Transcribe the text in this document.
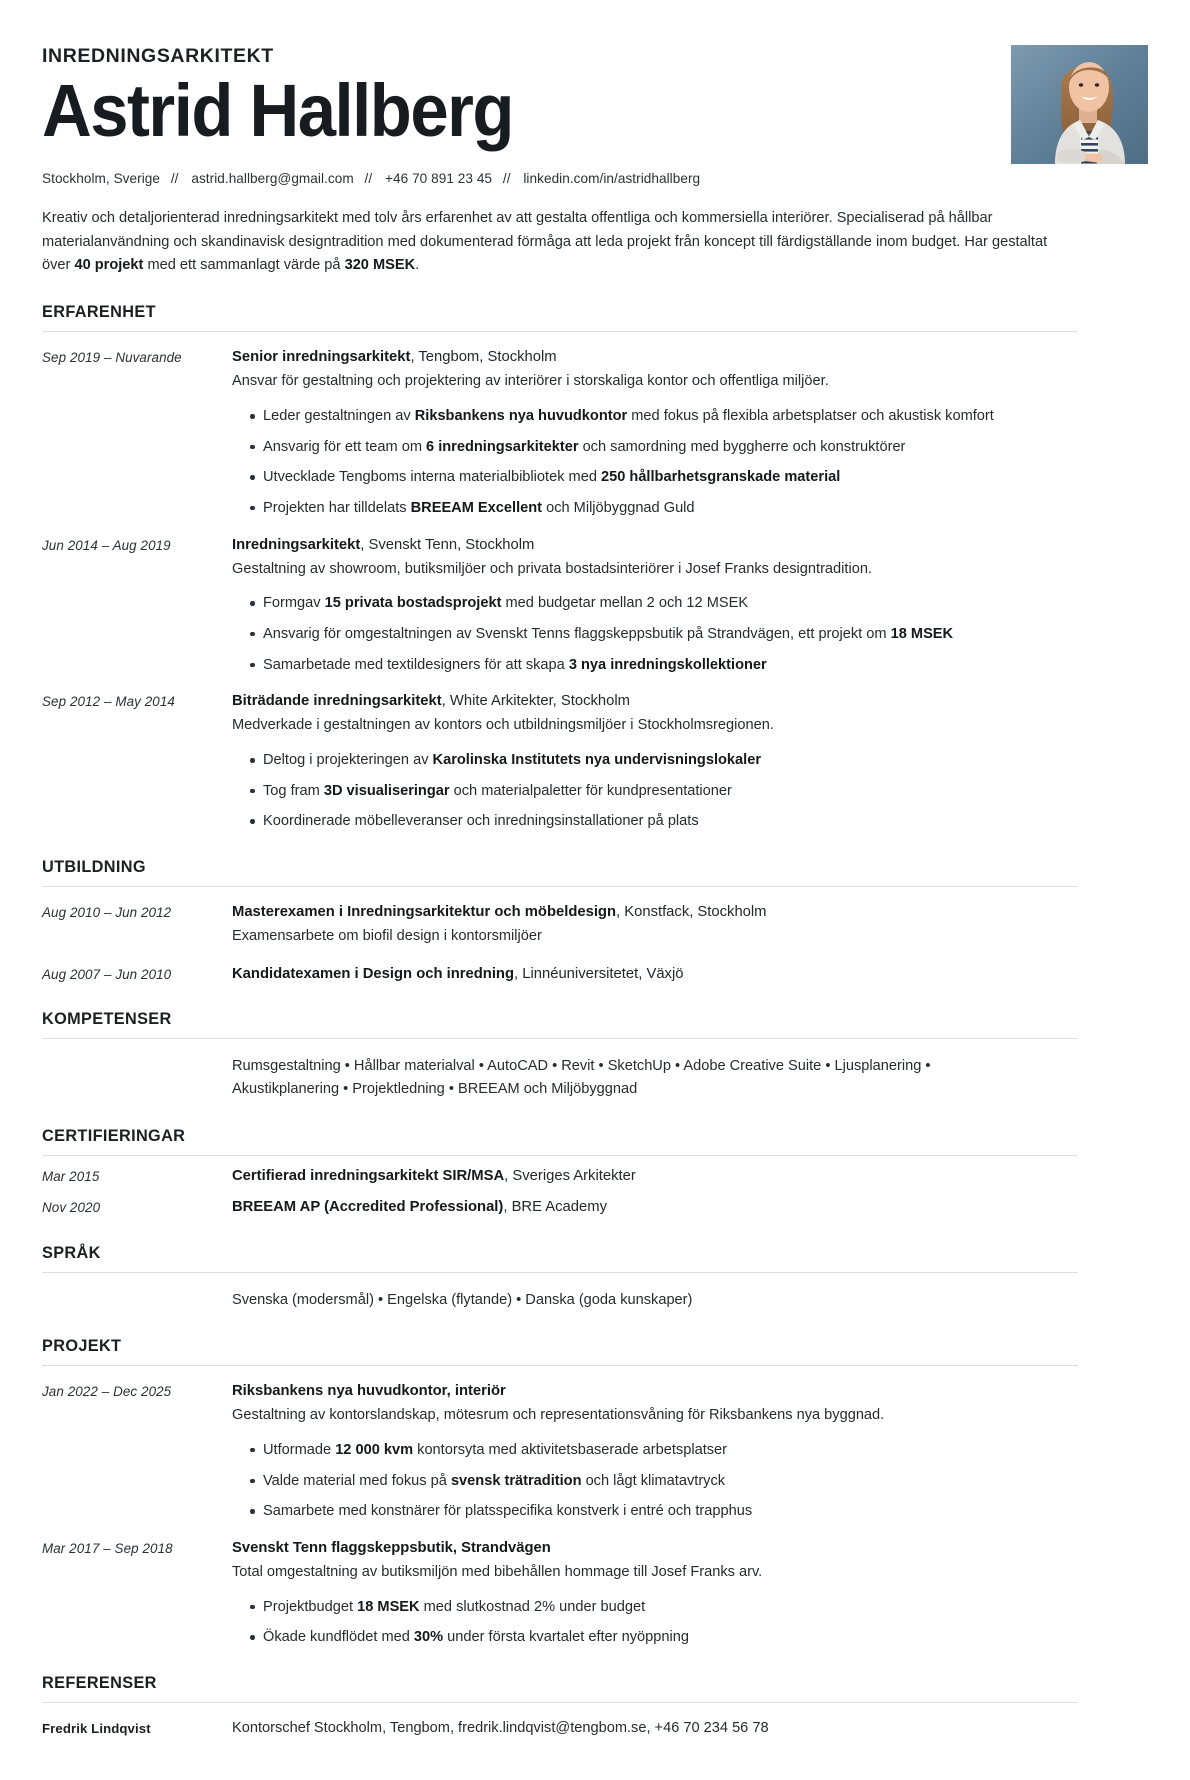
INREDNINGSARKITEKT
Astrid Hallberg
Stockholm, Sverige // astrid.hallberg@gmail.com // +46 70 891 23 45 // linkedin.com/in/astridhallberg
Kreativ och detaljorienterad inredningsarkitekt med tolv års erfarenhet av att gestalta offentliga och kommersiella interiörer. Specialiserad på hållbar materialanvändning och skandinavisk designtradition med dokumenterad förmåga att leda projekt från koncept till färdigställande inom budget. Har gestaltat över 40 projekt med ett sammanlagt värde på 320 MSEK.
ERFARENHET
Sep 2019 – Nuvarande	Senior inredningsarkitekt, Tengbom, Stockholm
Ansvar för gestaltning och projektering av interiörer i storskaliga kontor och offentliga miljöer.
Leder gestaltningen av Riksbankens nya huvudkontor med fokus på flexibla arbetsplatser och akustisk komfort
Ansvarig för ett team om 6 inredningsarkitekter och samordning med byggherre och konstruktörer
Utvecklade Tengboms interna materialbibliotek med 250 hållbarhetsgranskade material
Projekten har tilldelats BREEAM Excellent och Miljöbyggnad Guld
Jun 2014 – Aug 2019	Inredningsarkitekt, Svenskt Tenn, Stockholm
Gestaltning av showroom, butiksmiljöer och privata bostadsinteriörer i Josef Franks designtradition.
Formgav 15 privata bostadsprojekt med budgetar mellan 2 och 12 MSEK
Ansvarig för omgestaltningen av Svenskt Tenns flaggskeppsbutik på Strandvägen, ett projekt om 18 MSEK
Samarbetade med textildesigners för att skapa 3 nya inredningskollektioner
Sep 2012 – May 2014	Biträdande inredningsarkitekt, White Arkitekter, Stockholm
Medverkade i gestaltningen av kontors och utbildningsmiljöer i Stockholmsregionen.
Deltog i projekteringen av Karolinska Institutets nya undervisningslokaler
Tog fram 3D visualiseringar och materialpaletter för kundpresentationer
Koordinerade möbelleveranser och inredningsinstallationer på plats
UTBILDNING
Aug 2010 – Jun 2012	Masterexamen i Inredningsarkitektur och möbeldesign, Konstfack, Stockholm
Examensarbete om biofil design i kontorsmiljöer
Aug 2007 – Jun 2010	Kandidatexamen i Design och inredning, Linnéuniversitetet, Växjö
KOMPETENSER
Rumsgestaltning • Hållbar materialval • AutoCAD • Revit • SketchUp • Adobe Creative Suite • Ljusplanering • Akustikplanering • Projektledning • BREEAM och Miljöbyggnad
CERTIFIERINGAR
Mar 2015	Certifierad inredningsarkitekt SIR/MSA, Sveriges Arkitekter
Nov 2020	BREEAM AP (Accredited Professional), BRE Academy
SPRÅK
Svenska (modersmål) • Engelska (flytande) • Danska (goda kunskaper)
PROJEKT
Jan 2022 – Dec 2025	Riksbankens nya huvudkontor, interiör
Gestaltning av kontorslandskap, mötesrum och representationsvåning för Riksbankens nya byggnad.
Utformade 12 000 kvm kontorsyta med aktivitetsbaserade arbetsplatser
Valde material med fokus på svensk trätradition och lågt klimatavtryck
Samarbete med konstnärer för platsspecifika konstverk i entré och trapphus
Mar 2017 – Sep 2018	Svenskt Tenn flaggskeppsbutik, Strandvägen
Total omgestaltning av butiksmiljön med bibehållen hommage till Josef Franks arv.
Projektbudget 18 MSEK med slutkostnad 2% under budget
Ökade kundflödet med 30% under första kvartalet efter nyöppning
REFERENSER
Fredrik Lindqvist	Kontorschef Stockholm, Tengbom, fredrik.lindqvist@tengbom.se, +46 70 234 56 78
